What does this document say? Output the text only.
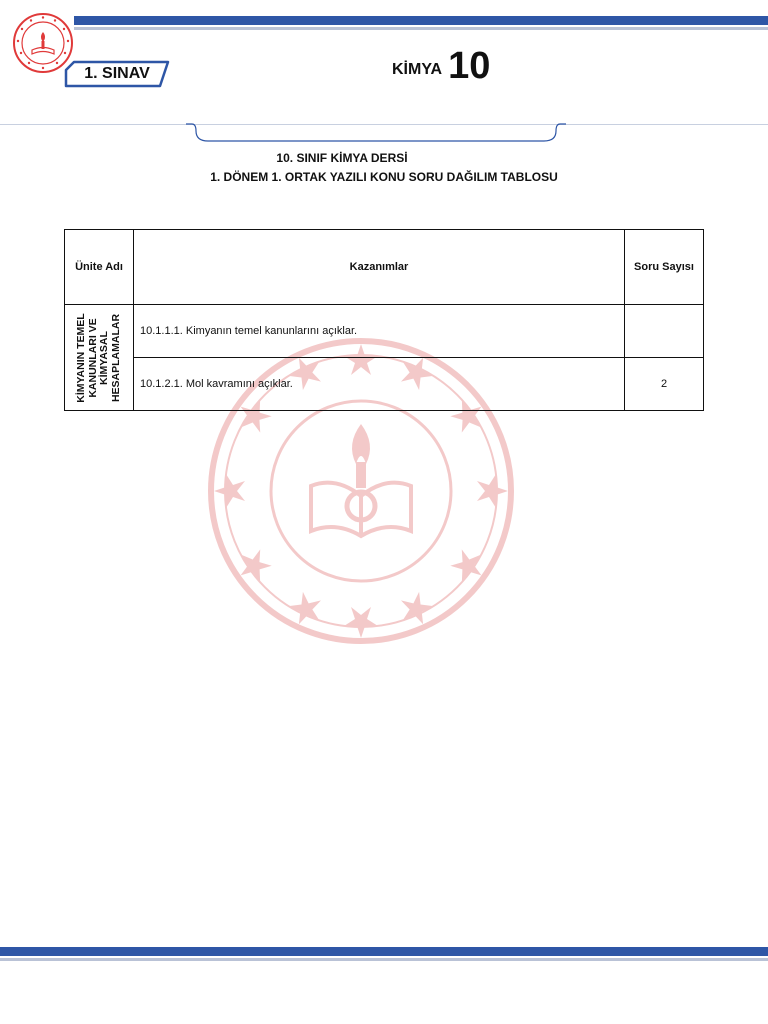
1. SINAV	KİMYA 10
10. SINIF KİMYA DERSİ
1. DÖNEM 1. ORTAK YAZILI KONU SORU DAĞILIM TABLOSU
Ünite Adı	Kazanımlar	Soru Sayısı

KİMYANIN TEMEL KANUNLARI VE KİMYASAL HESAPLAMALAR	10.1.1.1. Kimyanın temel kanunlarını açıklar.	
	10.1.2.1. Mol kavramını açıklar.	2
